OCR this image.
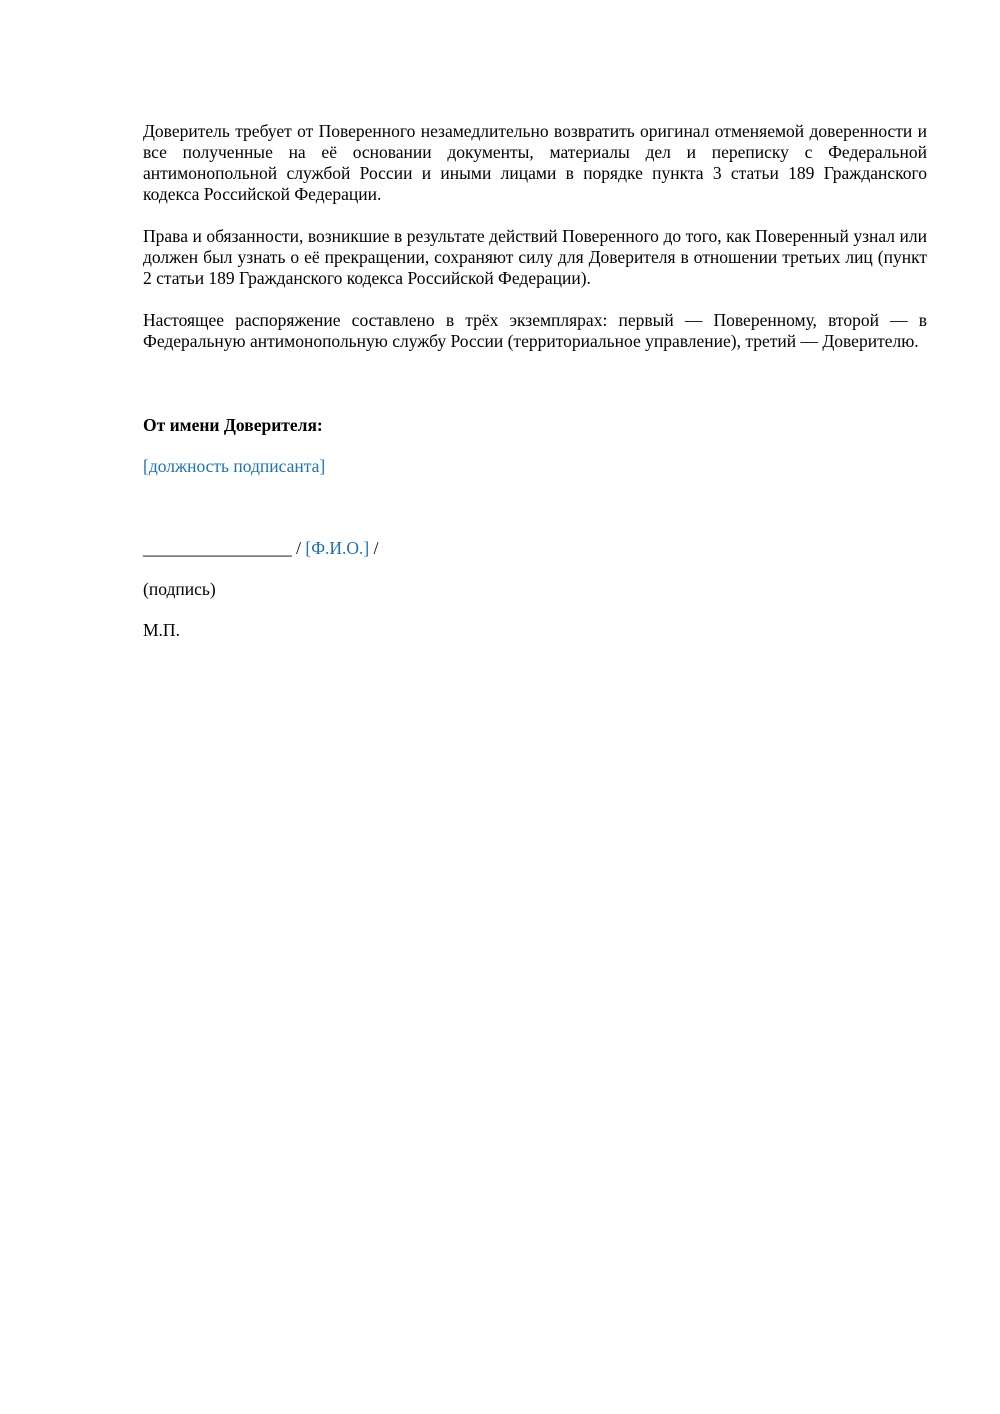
Доверитель требует от Поверенного незамедлительно возвратить оригинал отменяемой доверенности и все полученные на её основании документы, материалы дел и переписку с Федеральной антимонопольной службой России и иными лицами в порядке пункта 3 статьи 189 Гражданского кодекса Российской Федерации.

Права и обязанности, возникшие в результате действий Поверенного до того, как Поверенный узнал или должен был узнать о её прекращении, сохраняют силу для Доверителя в отношении третьих лиц (пункт 2 статьи 189 Гражданского кодекса Российской Федерации).

Настоящее распоряжение составлено в трёх экземплярах: первый — Поверенному, второй — в Федеральную антимонопольную службу России (территориальное управление), третий — Доверителю.

От имени Доверителя:
[должность подписанта]
_________________ / [Ф.И.О.] /
(подпись)
М.П.
